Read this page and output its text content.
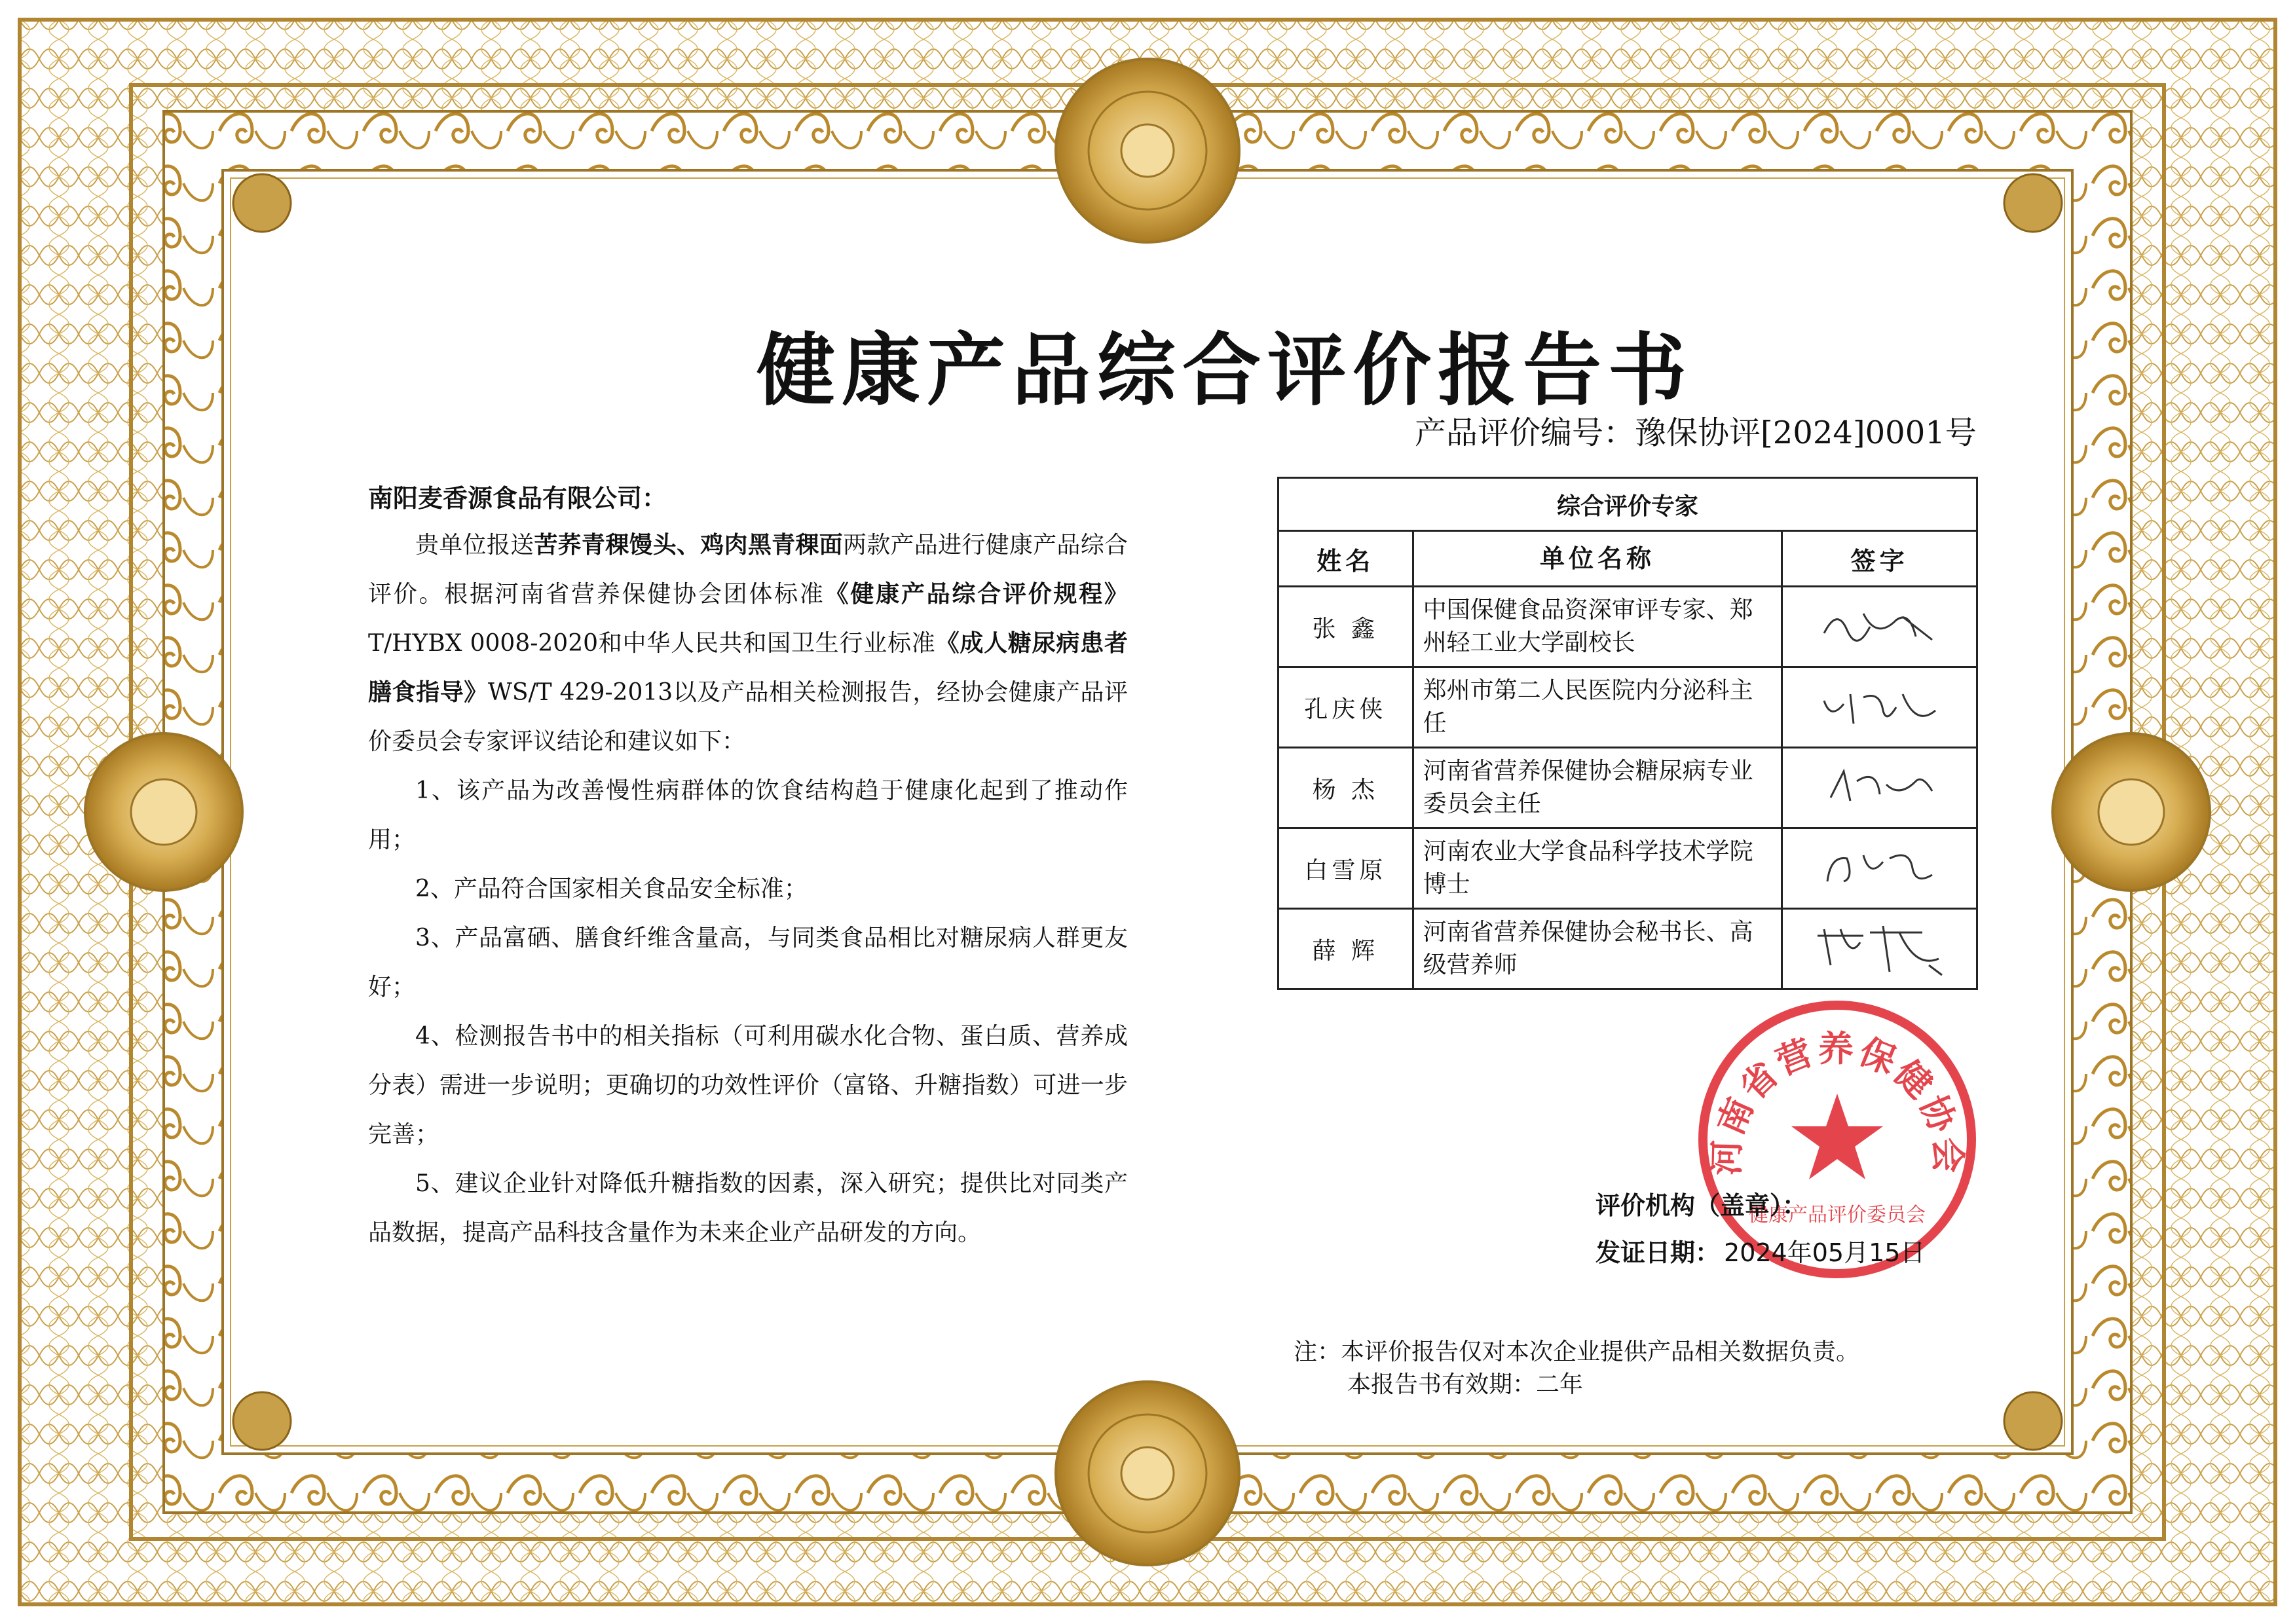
健康产品综合评价报告书
产品评价编号：豫保协评[2024]0001号
南阳麦香源食品有限公司：

贵单位报送苦荞青稞馒头、鸡肉黑青稞面两款产品进行健康产品综合评价。根据河南省营养保健协会团体标准《健康产品综合评价规程》T/HYBX 0008-2020和中华人民共和国卫生行业标准《成人糖尿病患者膳食指导》WS/T 429-2013以及产品相关检测报告，经协会健康产品评价委员会专家评议结论和建议如下：

1、该产品为改善慢性病群体的饮食结构趋于健康化起到了推动作用；

2、产品符合国家相关食品安全标准；

3、产品富硒、膳食纤维含量高，与同类食品相比对糖尿病人群更友好；

4、检测报告书中的相关指标（可利用碳水化合物、蛋白质、营养成分表）需进一步说明；更确切的功效性评价（富铬、升糖指数）可进一步完善；

5、建议企业针对降低升糖指数的因素，深入研究；提供比对同类产品数据，提高产品科技含量作为未来企业产品研发的方向。

综合评价专家		
姓名	单位名称	签字
张 鑫	中国保健食品资深审评专家、郑州轻工业大学副校长	

孔庆侠	郑州市第二人民医院内分泌科主任	

杨 杰	河南省营养保健协会糖尿病专业委员会主任	

白雪原	河南农业大学食品科学技术学院 博士	

薛 辉	河南省营养保健协会秘书长、高级营养师	
河南省营养保健协会
健康产品评价委员会
评价机构（盖章）：
发证日期： 2024年05月15日
注：本评价报告仅对本次企业提供产品相关数据负责。
本报告书有效期：二年
